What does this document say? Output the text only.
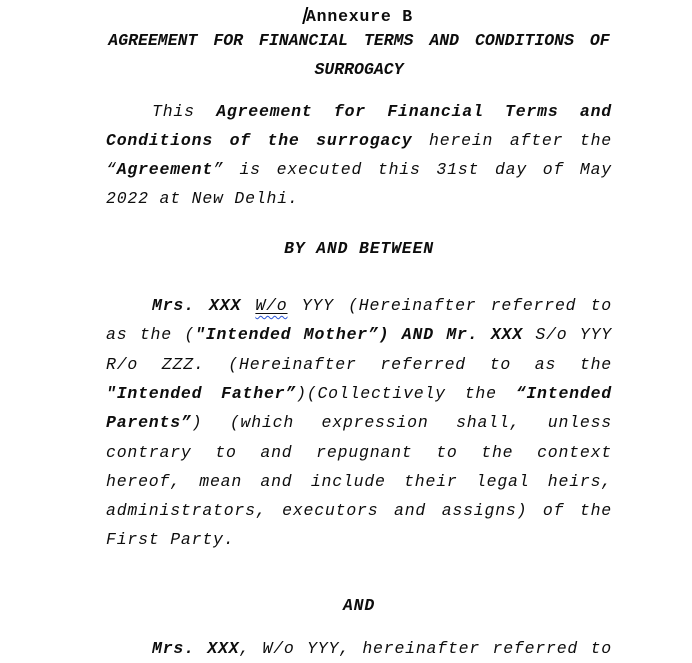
Annexure B
AGREEMENT FOR FINANCIAL TERMS AND CONDITIONS OF SURROGACY
This Agreement for Financial Terms and Conditions of the surrogacy herein after the “Agreement” is executed this 31st day of May 2022 at New Delhi.
BY AND BETWEEN
Mrs. XXX W/o YYY (Hereinafter referred to as the ("Intended Mother”) AND Mr. XXX S/o YYY R/o ZZZ. (Hereinafter referred to as the "Intended Father”)(Collectively the “Intended Parents”) (which expression shall, unless contrary to and repugnant to the context hereof, mean and include their legal heirs, administrators, executors and assigns) of the First Party.
AND
Mrs. XXX, W/o YYY, hereinafter referred to
